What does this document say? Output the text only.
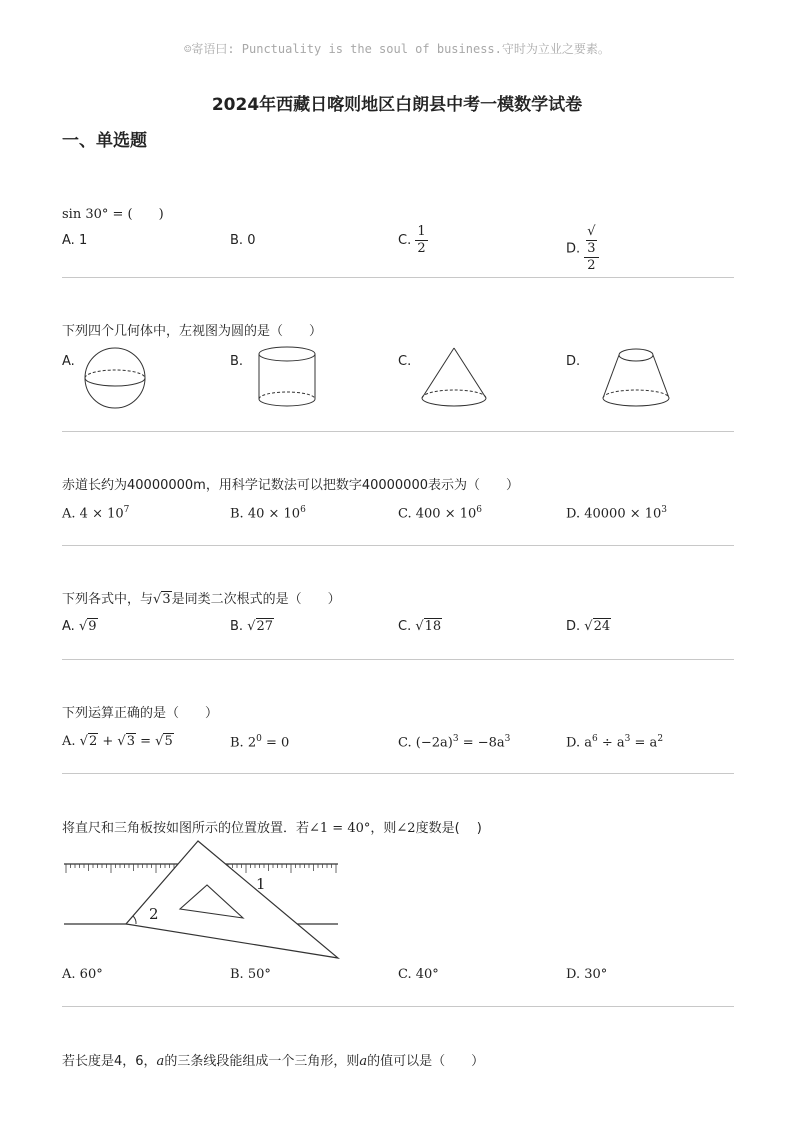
☺寄语曰: Punctuality is the soul of business.守时为立业之要素。
2024年西藏日喀则地区白朗县中考一模数学试卷
一、单选题
sin 30° = (　　)
A. 1	B. 0	C. $\frac{1}{2}$	D. √
3
2
下列四个几何体中，左视图为圆的是（　　）
A.	B.	C.	D.
赤道长约为40000000m，用科学记数法可以把数字40000000表示为（　　）
A. $4 \times 10^7$	B. $40 \times 10^6$	C. $400 \times 10^6$	D. $40000 \times 10^3$
下列各式中，与√3是同类二次根式的是（　　）
A. √9	B. √27	C. √18	D. √24
下列运算正确的是（　　）
A. √2 + √3 = √5	B. $2^0 = 0$	C. $(-2a)^3 = -8a^3$	D. $a^6 \div a^3 = a^2$
将直尺和三角板按如图所示的位置放置．若∠1 = 40°，则∠2度数是(　 )
1
2
A. 60°	B. 50°	C. 40°	D. 30°
若长度是4，6，a的三条线段能组成一个三角形，则a的值可以是（　　）
